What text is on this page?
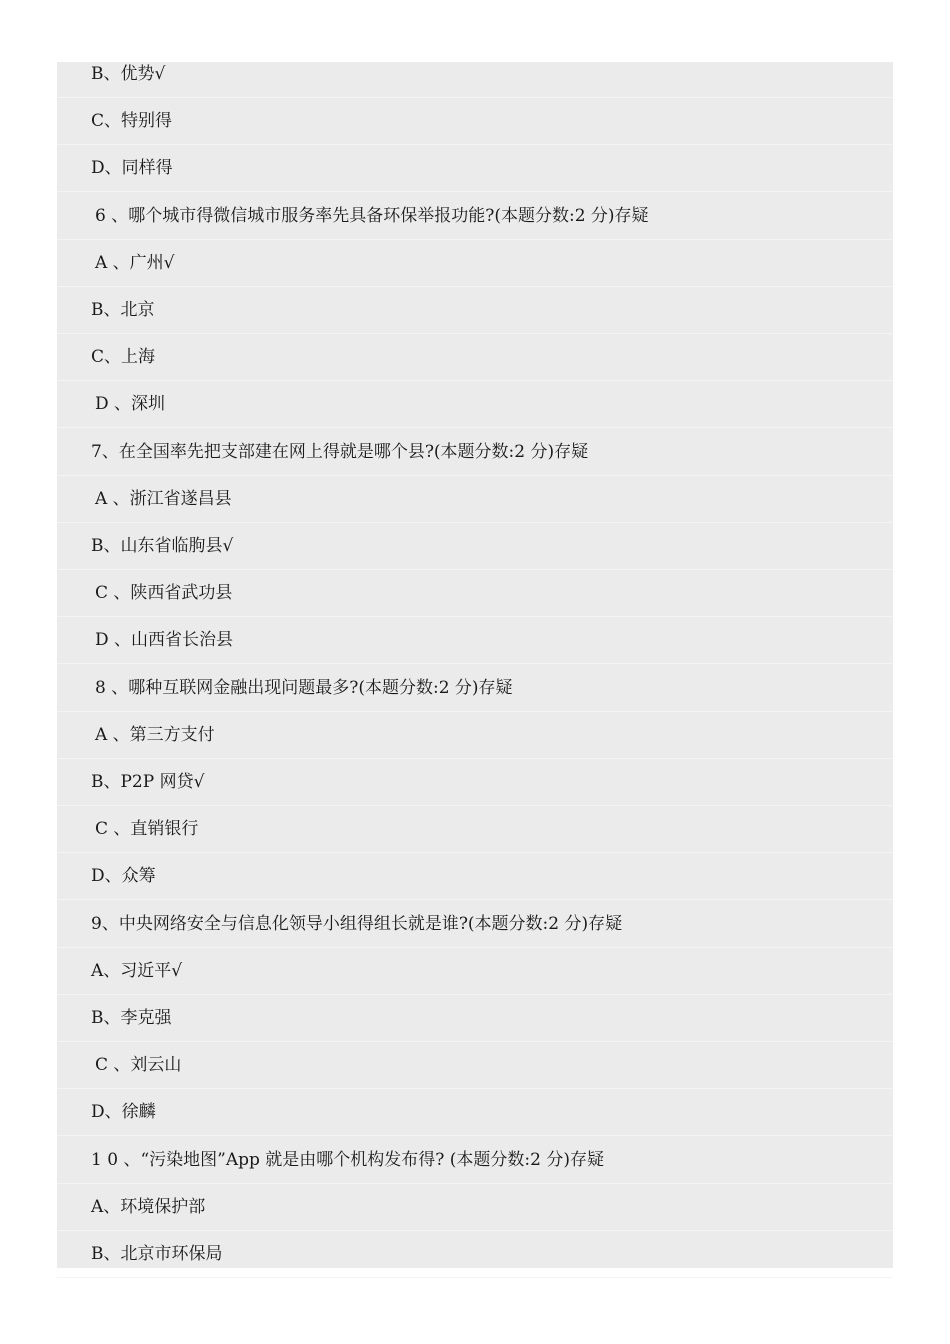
B、优势√
C、特别得
D、同样得
6 、哪个城市得微信城市服务率先具备环保举报功能?(本题分数:2 分)存疑
A 、广州√
B、北京
C、上海
D 、深圳
7、在全国率先把支部建在网上得就是哪个县?(本题分数:2 分)存疑
A 、浙江省遂昌县
B、山东省临朐县√
C 、陕西省武功县
D 、山西省长治县
8 、哪种互联网金融出现问题最多?(本题分数:2 分)存疑
A 、第三方支付
B、P2P 网贷√
C 、直销银行
D、众筹
9、中央网络安全与信息化领导小组得组长就是谁?(本题分数:2 分)存疑
A、习近平√
B、李克强
C 、刘云山
D、徐麟
1 0 、“污染地图”App 就是由哪个机构发布得? (本题分数:2 分)存疑
A、环境保护部
B、北京市环保局
